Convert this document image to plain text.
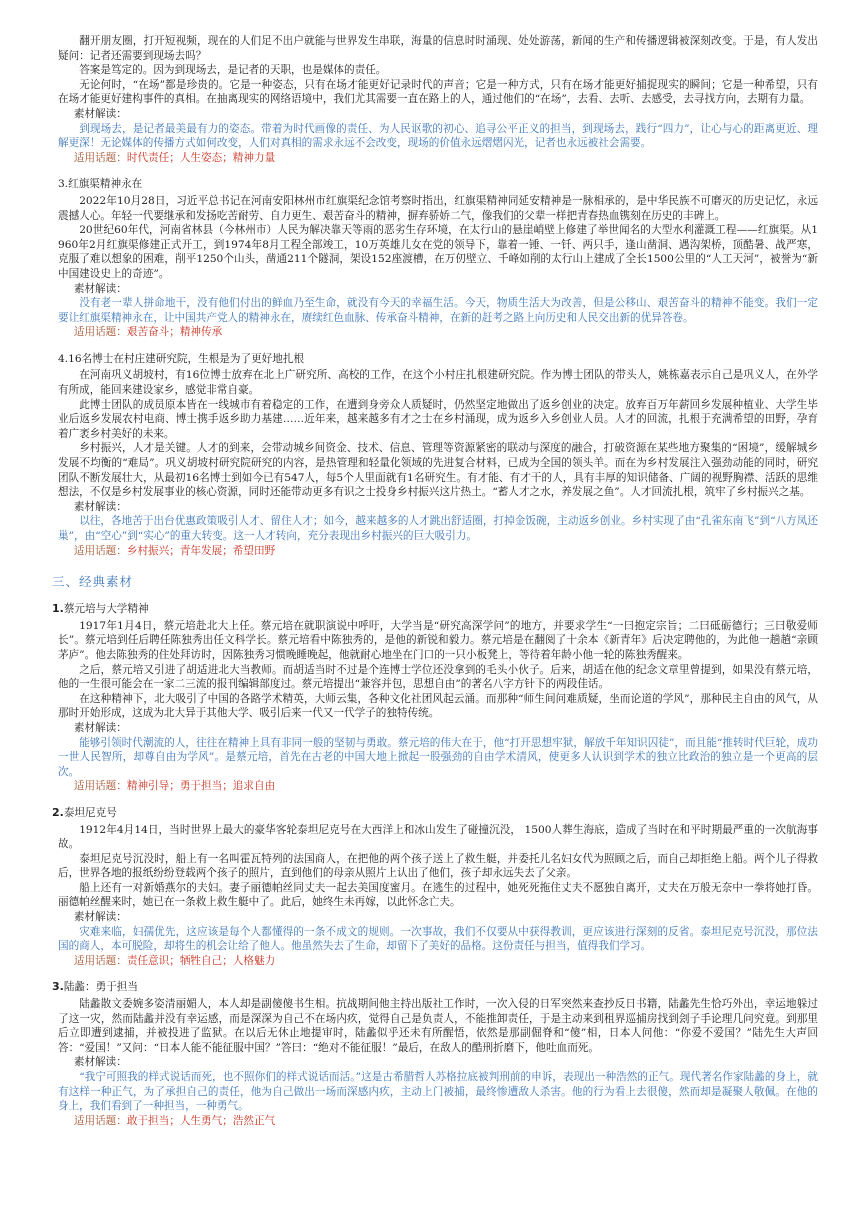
翻开朋友圈，打开短视频，现在的人们足不出户就能与世界发生串联，海量的信息时时涌现、处处游荡，新闻的生产和传播逻辑被深刻改变。于是，有人发出疑问：记者还需要到现场去吗？

答案是笃定的。因为到现场去，是记者的天职，也是媒体的责任。

无论何时，“在场”都是珍贵的。它是一种姿态，只有在场才能更好记录时代的声音；它是一种方式，只有在场才能更好捕捉现实的瞬间；它是一种希望，只有在场才能更好建构事件的真相。在抽离现实的网络语境中，我们尤其需要一直在路上的人，通过他们的“在场”，去看、去听、去感受，去寻找方向，去期有力量。

素材解读：

到现场去，是记者最美最有力的姿态。带着为时代画像的责任、为人民讴歌的初心、追寻公平正义的担当，到现场去，践行“四力”，让心与心的距离更近、理解更深！无论媒体的传播方式如何改变，人们对真相的需求永远不会改变，现场的价值永远熠熠闪光，记者也永远被社会需要。

适用话题：时代责任；人生姿态；精神力量
3.红旗渠精神永在

2022年10月28日，习近平总书记在河南安阳林州市红旗渠纪念馆考察时指出，红旗渠精神同延安精神是一脉相承的，是中华民族不可磨灭的历史记忆，永远震撼人心。年轻一代要继承和发扬吃苦耐劳、自力更生、艰苦奋斗的精神，摒弃骄娇二气，像我们的父辈一样把青春热血镌刻在历史的丰碑上。

20世纪60年代，河南省林县（今林州市）人民为解决靠天等雨的恶劣生存环境，在太行山的悬崖峭壁上修建了举世闻名的大型水利灌溉工程——红旗渠。从1960年2月红旗渠修建正式开工，到1974年8月工程全部竣工，10万英雄儿女在党的领导下，靠着一锤、一钎、两只手，逢山凿洞、遇沟架桥，顶酷暑、战严寒，克服了难以想象的困难，削平1250个山头，凿通211个隧洞，架设152座渡槽，在万仞壁立、千峰如削的太行山上建成了全长1500公里的“人工天河”，被誉为“新中国建设史上的奇迹”。

素材解读：

没有老一辈人拼命地干，没有他们付出的鲜血乃至生命，就没有今天的幸福生活。今天，物质生活大为改善，但是公移山、艰苦奋斗的精神不能变。我们一定要让红旗渠精神永在，让中国共产党人的精神永在，赓续红色血脉、传承奋斗精神，在新的赶考之路上向历史和人民交出新的优异答卷。

适用话题：艰苦奋斗；精神传承
4.16名博士在村庄建研究院，生根是为了更好地扎根

在河南巩义胡坡村，有16位博士放弃在北上广研究所、高校的工作，在这个小村庄扎根建研究院。作为博士团队的带头人，姚栋嘉表示自己是巩义人，在外学有所成，能回来建设家乡，感觉非常自豪。

此博士团队的成员原本皆在一线城市有着稳定的工作，在遭到身旁众人质疑时，仍然坚定地做出了返乡创业的决定。放弃百万年薪回乡发展种植业、大学生毕业后返乡发展农村电商、博士携手返乡助力基建……近年来，越来越多有才之士在乡村涌现，成为返乡入乡创业人员。人才的回流，扎根于充满希望的田野，孕育着广袤乡村美好的未来。

乡村振兴，人才是关键。人才的到来，会带动城乡间资金、技术、信息、管理等资源紧密的联动与深度的融合，打破资源在某些地方聚集的“困境”，缓解城乡发展不均衡的“难局”。巩义胡坡村研究院研究的内容，是热管理和轻量化领域的先进复合材料，已成为全国的领头羊。而在为乡村发展注入强劲动能的同时，研究团队不断发展壮大，从最初16名博士到如今已有547人，每5个人里面就有1名研究生。有才能、有才干的人，具有丰厚的知识储备、广阔的视野胸襟、活跃的思维想法，不仅是乡村发展事业的核心资源，同时还能带动更多有识之士投身乡村振兴这片热土。“蓄人才之水，养发展之鱼”。人才回流扎根，筑牢了乡村振兴之基。

素材解读：

以往，各地苦于出台优惠政策吸引人才、留住人才；如今，越来越多的人才跳出舒适圈，打掉金饭碗，主动返乡创业。乡村实现了由“孔雀东南飞”到“八方凤还巢”，由“空心”到“实心”的重大转变。这一人才转向，充分表现出乡村振兴的巨大吸引力。

适用话题：乡村振兴；青年发展；希望田野
三、经典素材
1.蔡元培与大学精神

1917年1月4日，蔡元培赴北大上任。蔡元培在就职演说中呼吁，大学当是“研究高深学问”的地方，并要求学生“一曰抱定宗旨；二曰砥砺德行；三曰敬爱师长”。蔡元培到任后聘任陈独秀出任文科学长。蔡元培看中陈独秀的，是他的新锐和毅力。蔡元培是在翻阅了十余本《新青年》后决定聘他的，为此他一趟趟“亲顾茅庐”。他去陈独秀的住处拜访时，因陈独秀习惯晚睡晚起，他就耐心地坐在门口的一只小板凳上，等待着年龄小他一轮的陈独秀醒来。

之后，蔡元培又引进了胡适进北大当教师。而胡适当时不过是个连博士学位还没拿到的毛头小伙子。后来，胡适在他的纪念文章里曾提到，如果没有蔡元培，他的一生很可能会在一家二三流的报刊编辑部度过。蔡元培提出“兼容并包，思想自由”的著名八字方针下的两段佳话。

在这种精神下，北大吸引了中国的各路学术精英，大师云集，各种文化社团风起云涌。而那种“师生间问难质疑，坐而论道的学风”，那种民主自由的风气，从那时开始形成，这成为北大异于其他大学、吸引后来一代又一代学子的独特传统。

素材解读：

能够引领时代潮流的人，往往在精神上具有非同一般的坚韧与勇敢。蔡元培的伟大在于，他“打开思想牢狱，解放千年知识囚徒”，而且能“推转时代巨轮，成功一世人民智所，却尊自由为学风”。是蔡元培，首先在古老的中国大地上掀起一股强劲的自由学术清风，使更多人认识到学术的独立比政治的独立是一个更高的层次。

适用话题：精神引导；勇于担当；追求自由
2.泰坦尼克号

1912年4月14日，当时世界上最大的豪华客轮泰坦尼克号在大西洋上和冰山发生了碰撞沉没， 1500人葬生海底，造成了当时在和平时期最严重的一次航海事故。

泰坦尼克号沉没时，船上有一名叫霍瓦特列的法国商人，在把他的两个孩子送上了救生艇，并委托儿名妇女代为照顾之后，而自己却拒绝上船。两个儿子得救后，世界各地的报纸纷纷登载两个孩子的照片，直到他们的母亲从照片上认出了他们，孩子却永远失去了父亲。

船上还有一对新婚燕尔的夫妇。妻子丽德帕丝同丈夫一起去美国度蜜月。在逃生的过程中，她死死拖住丈夫不愿独自离开，丈夫在万般无奈中一拳将她打昏。丽德帕丝醒来时，她已在一条救上救生艇中了。此后，她终生未再嫁，以此怀念亡夫。

素材解读：

灾难来临，妇孺优先，这应该是每个人都懂得的一条不成文的规则。一次事故，我们不仅要从中获得教训，更应该进行深刻的反省。泰坦尼克号沉没，那位法国的商人，本可脱险，却将生的机会让给了他人。他虽然失去了生命，却留下了美好的品格。这份责任与担当，值得我们学习。

适用话题：责任意识；牺牲自己；人格魅力
3.陆蠡：勇于担当

陆蠡散文委婉多姿清丽媚人，本人却是副傻傻书生相。抗战期间他主持出版社工作时，一次入侵的日军突然来查抄反日书籍，陆蠡先生恰巧外出，幸运地躲过了这一灾，然而陆蠡并没有幸运感，而是深深为自己不在场内疚，觉得自己是负责人，不能推卸责任，于是主动来到租界巡捕房找到刽子手论理几问究竟。到那里后立即遭到逮捕，并被投进了监狱。在以后无休止地提审时，陆蠡似乎还未有所醒悟，依然是那副倔脊和“傻”相，日本人问他：“你爱不爱国？”陆先生大声回答：“爱国！”又问：“日本人能不能征服中国？”答曰：“绝对不能征服！”最后，在敌人的酷刑折磨下，他吐血而死。

素材解读：

“我宁可照我的样式说话而死，也不照你们的样式说话而活。”这是古希腊哲人苏格拉底被判刑前的申诉，表现出一种浩然的正气。现代著名作家陆蠡的身上，就有这样一种正气，为了承担自己的责任，他为自己做出一场而深感内疚，主动上门被捕，最终惨遭敌人杀害。他的行为看上去很傻，然而却是凝聚人敬佩。在他的身上，我们看到了一种担当，一种勇气。

适用话题：敢于担当；人生勇气；浩然正气
